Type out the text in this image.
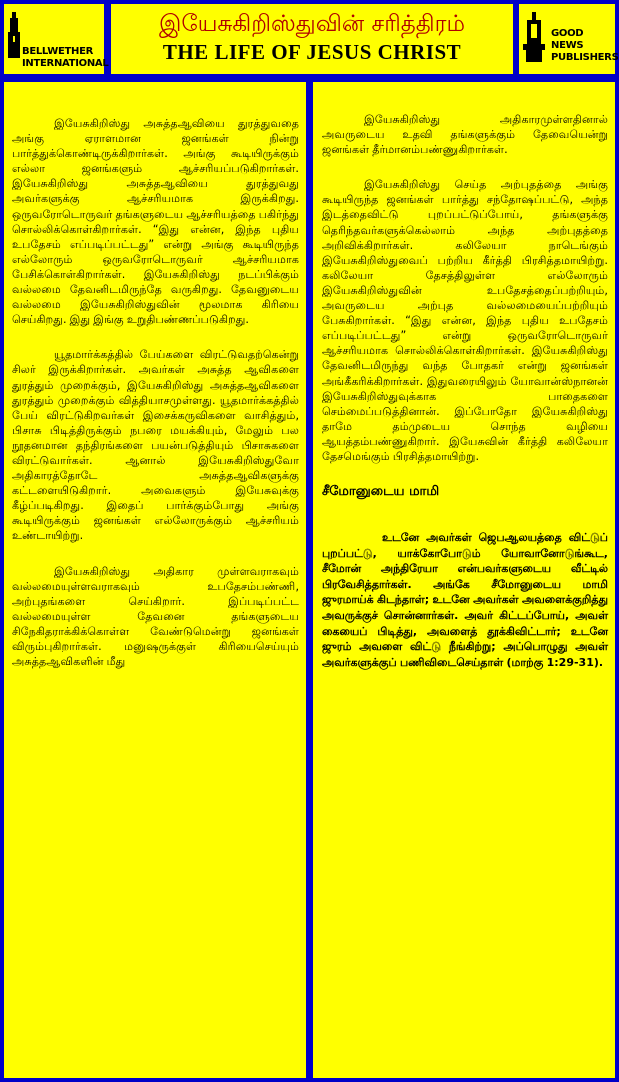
BELLWETHER INTERNATIONAL
இயேசுகிறிஸ்துவின் சரித்திரம்
THE LIFE OF JESUS CHRIST
GOOD NEWS PUBLISHERS

இயேசுகிறிஸ்து அசுத்தஆவியை துரத்துவதை அங்கு ஏராளமான ஜனங்கள் நின்று பார்த்துக்கொண்டிருக்கிறார்கள். அங்கு கூடியிருக்கும் எல்லா ஜனங்களும் ஆச்சரியப்படுகிறார்கள். இயேசுகிறிஸ்து அசுத்தஆவியை துரத்துவது அவர்களுக்கு ஆச்சரியமாக இருக்கிறது. ஒருவரோடொருவர் தங்களுடைய ஆச்சரியத்தை பகிர்ந்து சொல்லிக்கொள்கிறார்கள். “இது என்ன, இந்த புதிய உபதேசம் எப்படிப்பட்டது” என்று அங்கு கூடியிருந்த எல்லோரும் ஒருவரோடொருவர் ஆச்சரியமாக பேசிக்கொள்கிறார்கள். இயேசுகிறிஸ்து நடப்பிக்கும் வல்லமை தேவனிடமிருந்தே வருகிறது. தேவனுடைய வல்லமை இயேசுகிறிஸ்துவின் மூலமாக கிரியை செய்கிறது. இது இங்கு உறுதிபண்ணப்படுகிறது.

யூதமார்க்கத்தில் பேய்களை விரட்டுவதற்கென்று சிலர் இருக்கிறார்கள். அவர்கள் அசுத்த ஆவிகளை துரத்தும் முறைக்கும், இயேசுகிறிஸ்து அசுத்தஆவிகளை துரத்தும் முறைக்கும் வித்தியாசமுள்ளது. யூதமார்க்கத்தில் பேய் விரட்டுகிறவர்கள் இசைக்கருவிகளை வாசித்தும், பிசாசு பிடித்திருக்கும் நபரை மயக்கியும், மேலும் பல நூதனமான தந்திரங்களை பயன்படுத்தியும் பிசாசுகளை விரட்டுவார்கள். ஆனால் இயேசுகிறிஸ்துவோ அதிகாரத்தோடே அசுத்தஆவிகளுக்கு கட்டளையிடுகிறார். அவைகளும் இயேசுவுக்கு கீழ்ப்படிகிறது. இதைப் பார்க்கும்போது அங்கு கூடியிருக்கும் ஜனங்கள் எல்லோருக்கும் ஆச்சரியம் உண்டாயிற்று.

இயேசுகிறிஸ்து அதிகார முள்ளவராகவும் வல்லமையுள்ளவராகவும் உபதேசம்பண்ணி, அற்புதங்களை செய்கிறார். இப்படிப்பட்ட வல்லமையுள்ள தேவனை தங்களுடைய சிநேகிதராக்கிக்கொள்ள வேண்டுமென்று ஜனங்கள் விரும்புகிறார்கள். மனுஷருக்குள் கிரியைசெய்யும் அசுத்தஆவிகளின் மீது

இயேசுகிறிஸ்து அதிகாரமுள்ளதினால் அவருடைய உதவி தங்களுக்கும் தேவையென்று ஜனங்கள் தீர்மானம்பண்ணுகிறார்கள்.

இயேசுகிறிஸ்து செய்த அற்புதத்தை அங்கு கூடியிருந்த ஜனங்கள் பார்த்து சந்தோஷப்பட்டு, அந்த இடத்தைவிட்டு புறப்பட்டுப்போய், தங்களுக்கு தெரிந்தவர்களுக்கெல்லாம் அந்த அற்புதத்தை அறிவிக்கிறார்கள். கலிலேயா நாடெங்கும் இயேசுகிறிஸ்துவைப் பற்றிய கீர்த்தி பிரசித்தமாயிற்று. கலிலேயா தேசத்திலுள்ள எல்லோரும் இயேசுகிறிஸ்துவின் உபதேசத்தைப்பற்றியும், அவருடைய அற்புத வல்லமையைப்பற்றியும் பேசுகிறார்கள். “இது என்ன, இந்த புதிய உபதேசம் எப்படிப்பட்டது” என்று ஒருவரோடொருவர் ஆச்சரியமாக சொல்லிக்கொள்கிறார்கள். இயேசுகிறிஸ்து தேவனிடமிருந்து வந்த போதகர் என்று ஜனங்கள் அங்கீகரிக்கிறார்கள். இதுவரையிலும் யோவான்ஸ்நானன் இயேசுகிறிஸ்துவுக்காக பாதைகளை செம்மைப்படுத்தினான். இப்போதோ இயேசுகிறிஸ்து தாமே தம்முடைய சொந்த வழியை ஆயத்தம்பண்ணுகிறார். இயேசுவின் கீர்த்தி கலிலேயா தேசமெங்கும் பிரசித்தமாயிற்று.

சீமோனுடைய மாமி

உடனே அவர்கள் ஜெபஆலயத்தை விட்டுப் புறப்பட்டு, யாக்கோபோடும் யோவானோடுங்கூட, சீமோன் அந்திரேயா என்பவர்களுடைய வீட்டில் பிரவேசித்தார்கள். அங்கே சீமோனுடைய மாமி ஜுரமாய்க் கிடந்தாள்; உடனே அவர்கள் அவளைக்குறித்து அவருக்குச் சொன்னார்கள். அவர் கிட்டப்போய், அவள் கையைப் பிடித்து, அவளைத் தூக்கிவிட்டார்; உடனே ஜுரம் அவளை விட்டு நீங்கிற்று; அப்பொழுது அவள் அவர்களுக்குப் பணிவிடைசெய்தாள் (மாற்கு 1:29-31).
